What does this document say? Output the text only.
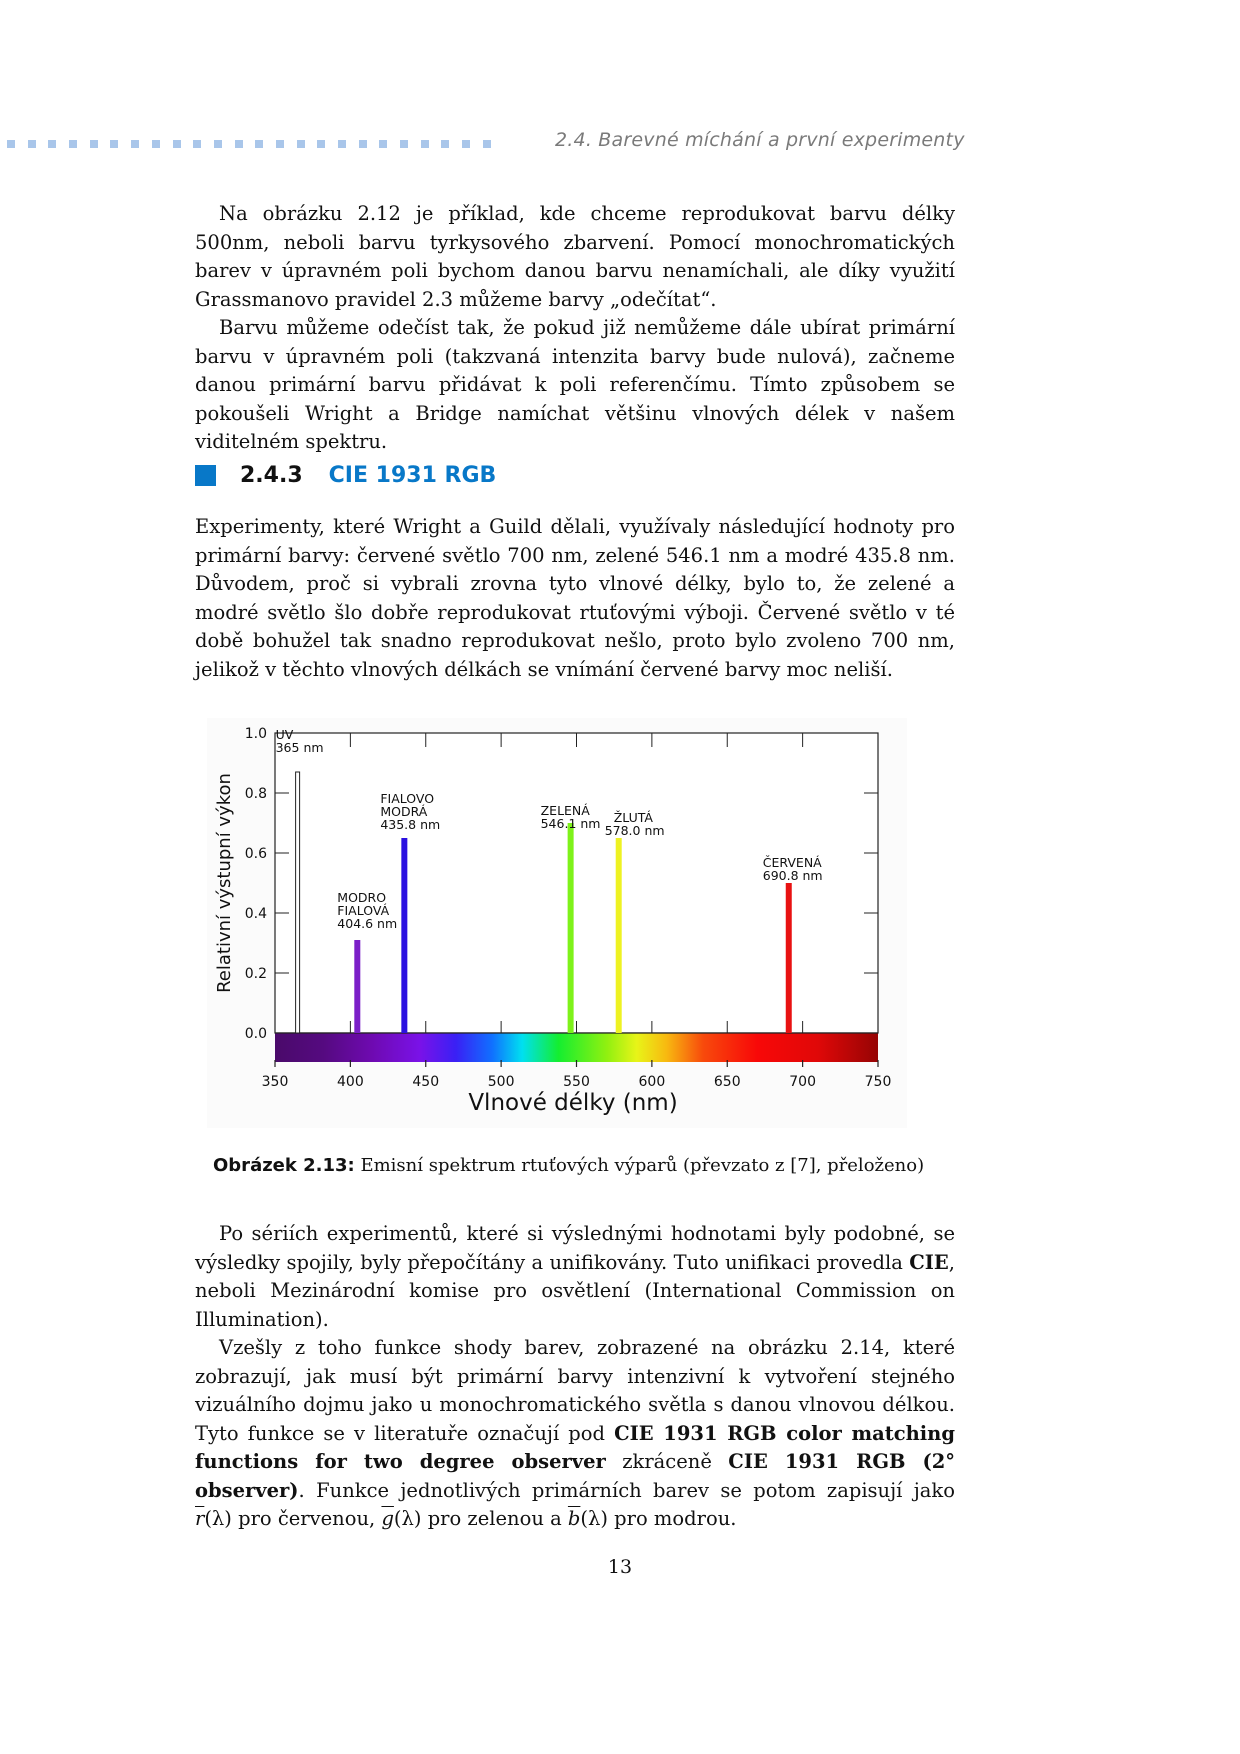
2.4. Barevné míchání a první experimenty

Na obrázku 2.12 je příklad, kde chceme reprodukovat barvu délky 500nm, neboli barvu tyrkysového zbarvení. Pomocí monochromatických barev v úpravném poli bychom danou barvu nenamíchali, ale díky využití Grassmanovo pravidel 2.3 můžeme barvy „odečítat“.

Barvu můžeme odečíst tak, že pokud již nemůžeme dále ubírat primární barvu v úpravném poli (takzvaná intenzita barvy bude nulová), začneme danou primární barvu přidávat k poli referenčímu. Tímto způsobem se pokoušeli Wright a Bridge namíchat většinu vlnových délek v našem viditelném spektru.

2.4.3 CIE 1931 RGB

Experimenty, které Wright a Guild dělali, využívaly následující hodnoty pro primární barvy: červené světlo 700 nm, zelené 546.1 nm a modré 435.8 nm. Důvodem, proč si vybrali zrovna tyto vlnové délky, bylo to, že zelené a modré světlo šlo dobře reprodukovat rtuťovými výboji. Červené světlo v té době bohužel tak snadno reprodukovat nešlo, proto bylo zvoleno 700 nm, jelikož v těchto vlnových délkách se vnímání červené barvy moc neliší.

UV
365 nm
MODRO
FIALOVÁ
404.6 nm
FIALOVO
MODRÁ
435.8 nm
ZELENÁ
546.1 nm ŽLUTÁ
578.0 nm
ČERVENÁ
690.8 nm
0.0
0.2
0.4
0.6
0.8
1.0
350	400	450	500	550	600	650	700	750
Vlnové délky (nm)
Relativní výstupní výkon
Obrázek 2.13: Emisní spektrum rtuťových výparů (převzato z [7], přeloženo)

Po sériích experimentů, které si výslednými hodnotami byly podobné, se výsledky spojily, byly přepočítány a unifikovány. Tuto unifikaci provedla CIE, neboli Mezinárodní komise pro osvětlení (International Commission on Illumination).

Vzešly z toho funkce shody barev, zobrazené na obrázku 2.14, které zobrazují, jak musí být primární barvy intenzivní k vytvoření stejného vizuálního dojmu jako u monochromatického světla s danou vlnovou délkou. Tyto funkce se v literatuře označují pod CIE 1931 RGB color matching functions for two degree observer zkráceně CIE 1931 RGB (2° observer). Funkce jednotlivých primárních barev se potom zapisují jako $\overline{r}(\lambda)$ pro červenou, $\overline{g}(\lambda)$ pro zelenou a $\overline{b}(\lambda)$ pro modrou.

13
